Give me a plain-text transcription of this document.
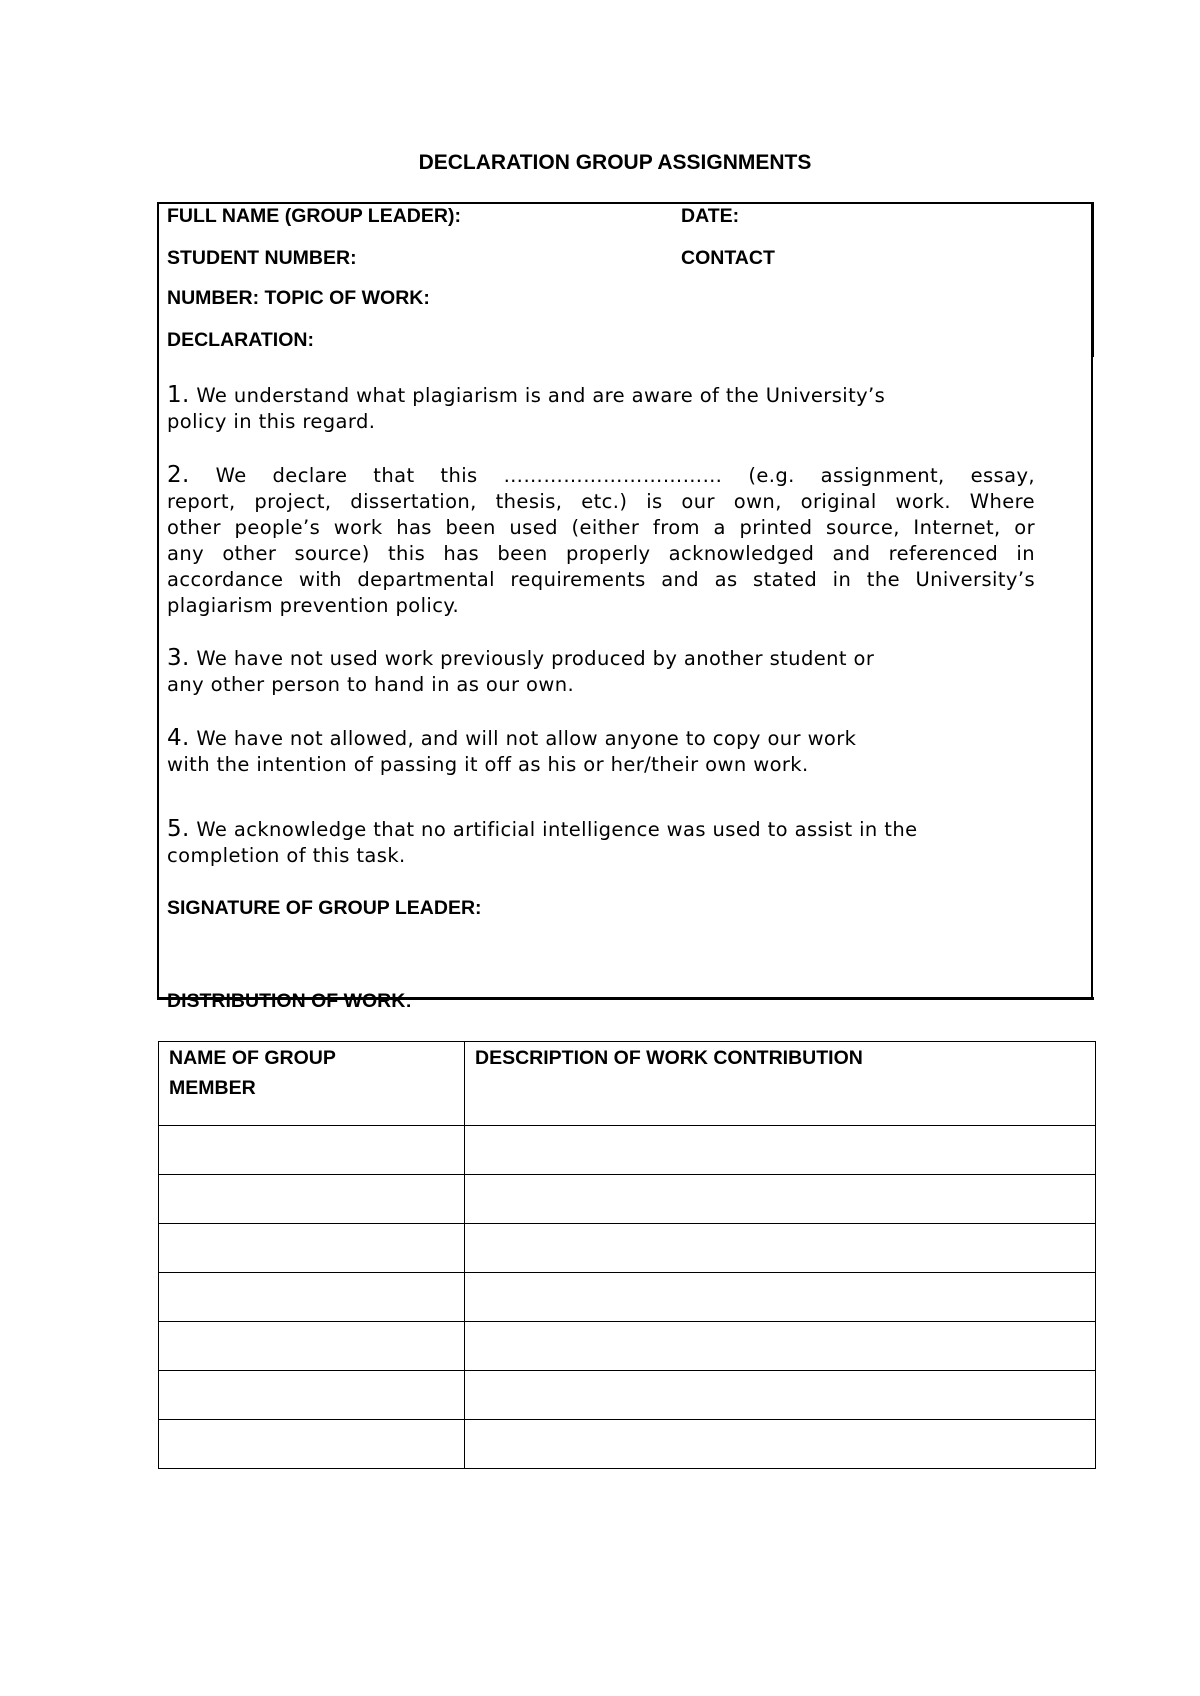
DECLARATION GROUP ASSIGNMENTS
FULL NAME (GROUP LEADER):	DATE:
STUDENT NUMBER:	CONTACT
NUMBER: TOPIC OF WORK:
DECLARATION:
1. We understand what plagiarism is and are aware of the University’s
policy in this regard.
2. We declare that this …………………………… (e.g. assignment, essay,
report, project, dissertation, thesis, etc.) is our own, original work. Where
other people’s work has been used (either from a printed source, Internet, or
any other source) this has been properly acknowledged and referenced in
accordance with departmental requirements and as stated in the University’s
plagiarism prevention policy.
3. We have not used work previously produced by another student or
any other person to hand in as our own.
4. We have not allowed, and will not allow anyone to copy our work
with the intention of passing it off as his or her/their own work.
5. We acknowledge that no artificial intelligence was used to assist in the
completion of this task.
SIGNATURE OF GROUP LEADER:
DISTRIBUTION OF WORK:
NAME OF GROUP
MEMBER	DESCRIPTION OF WORK CONTRIBUTION
